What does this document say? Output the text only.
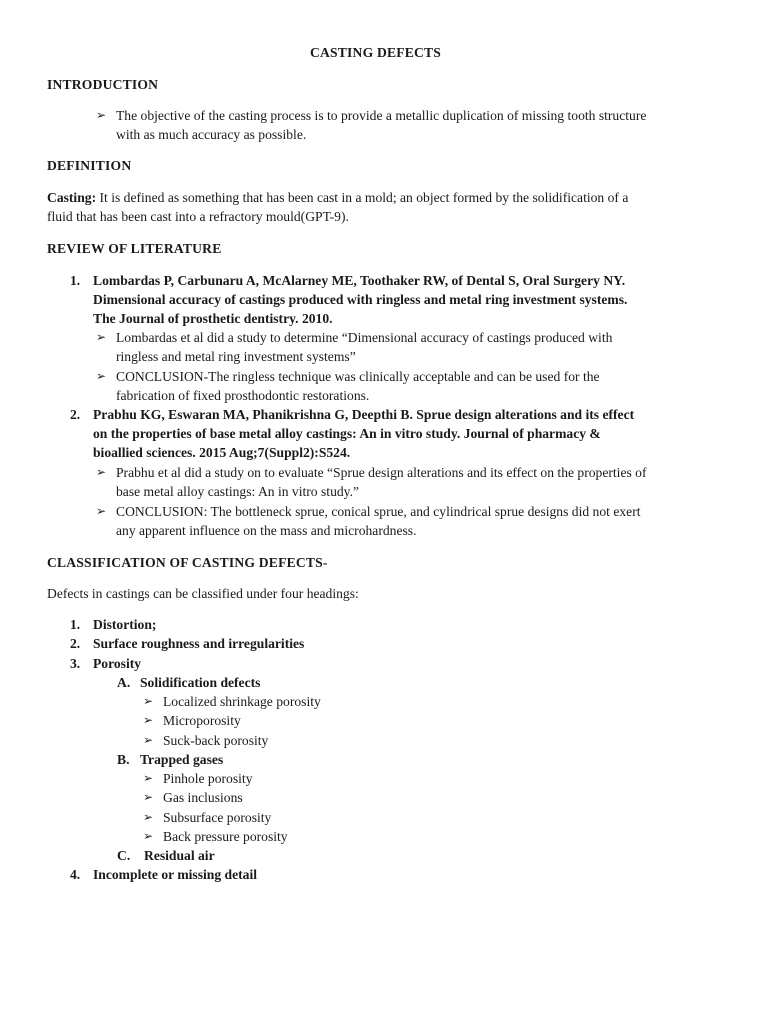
CASTING DEFECTS
INTRODUCTION
➢ The objective of the casting process is to provide a metallic duplication of missing tooth structure
with as much accuracy as possible.
DEFINITION
Casting: It is defined as something that has been cast in a mold; an object formed by the solidification of a
fluid that has been cast into a refractory mould(GPT-9).
REVIEW OF LITERATURE
1. Lombardas P, Carbunaru A, McAlarney ME, Toothaker RW, of Dental S, Oral Surgery NY.
Dimensional accuracy of castings produced with ringless and metal ring investment systems.
The Journal of prosthetic dentistry. 2010.
➢ Lombardas et al did a study to determine “Dimensional accuracy of castings produced with
ringless and metal ring investment systems”
➢ CONCLUSION-The ringless technique was clinically acceptable and can be used for the
fabrication of fixed prosthodontic restorations.
2. Prabhu KG, Eswaran MA, Phanikrishna G, Deepthi B. Sprue design alterations and its effect
on the properties of base metal alloy castings: An in vitro study. Journal of pharmacy &
bioallied sciences. 2015 Aug;7(Suppl2):S524.
➢ Prabhu et al did a study on to evaluate “Sprue design alterations and its effect on the properties of
base metal alloy castings: An in vitro study.”
➢ CONCLUSION: The bottleneck sprue, conical sprue, and cylindrical sprue designs did not exert
any apparent influence on the mass and microhardness.
CLASSIFICATION OF CASTING DEFECTS-
Defects in castings can be classified under four headings:
1. Distortion;
2. Surface roughness and irregularities
3. Porosity
A. Solidification defects
➢ Localized shrinkage porosity
➢ Microporosity
➢ Suck-back porosity
B. Trapped gases
➢ Pinhole porosity
➢ Gas inclusions
➢ Subsurface porosity
➢ Back pressure porosity
C. Residual air
4. Incomplete or missing detail
